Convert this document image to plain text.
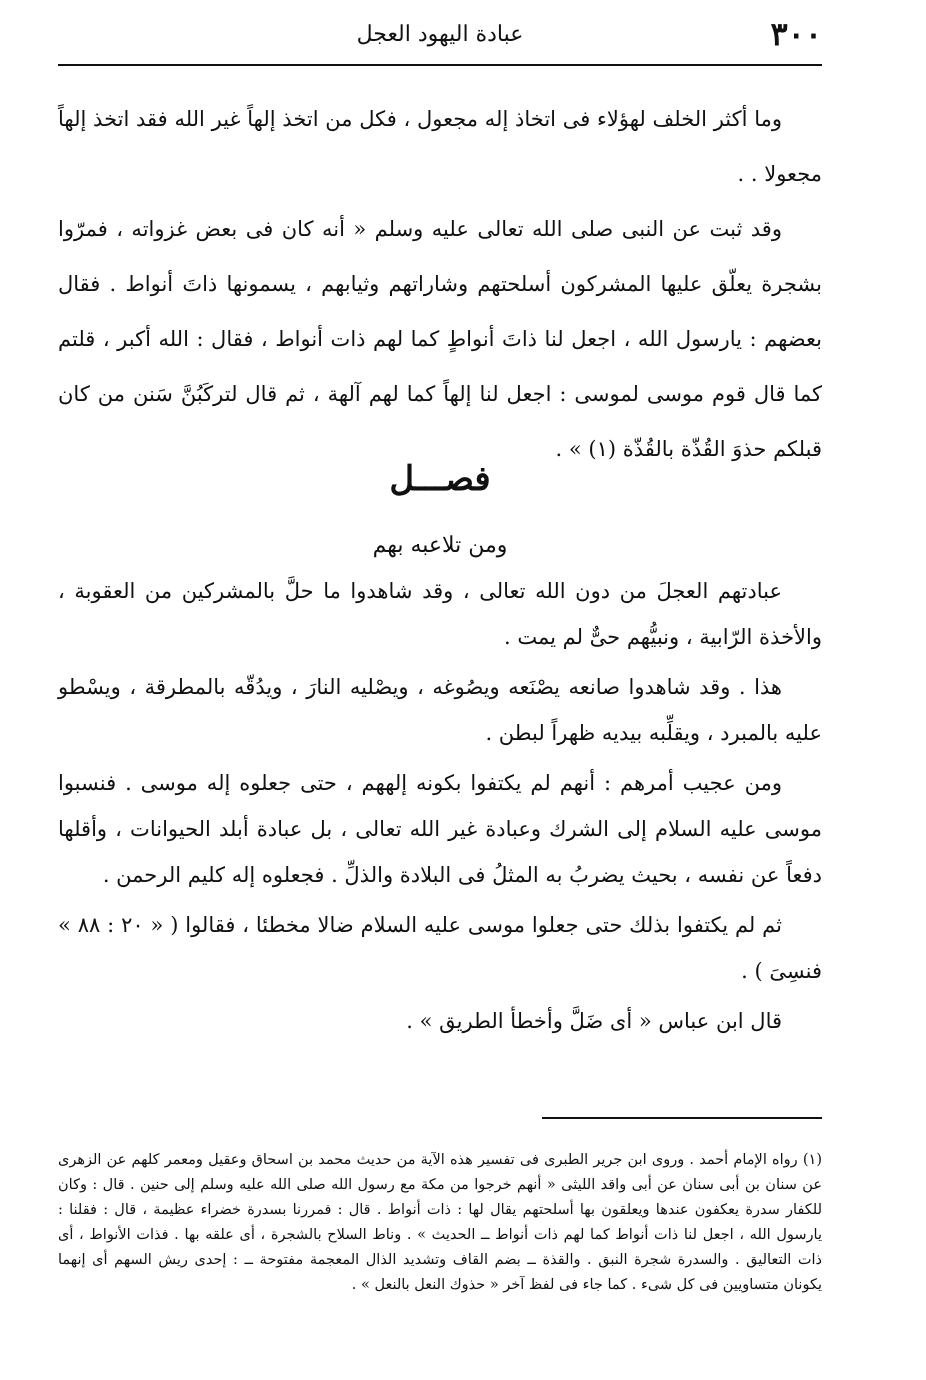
٣٠٠
عبادة اليهود العجل

وما أكثر الخلف لهؤلاء فى اتخاذ إله مجعول ، فكل من اتخذ إلهاً غير الله فقد اتخذ إلهاً مجعولا . .

وقد ثبت عن النبى صلى الله تعالى عليه وسلم « أنه كان فى بعض غزواته ، فمرّوا بشجرة يعلّق عليها المشركون أسلحتهم وشاراتهم وثيابهم ، يسمونها ذاتَ أنواط . فقال بعضهم : يارسول الله ، اجعل لنا ذاتَ أنواطٍ كما لهم ذات أنواط ، فقال : الله أكبر ، قلتم كما قال قوم موسى لموسى : اجعل لنا إلهاً كما لهم آلهة ، ثم قال لتركَبُنَّ سَنن من كان قبلكم حذوَ القُذّة بالقُذّة (١) » .

فصـــل
ومن تلاعبه بهم

عبادتهم العجلَ من دون الله تعالى ، وقد شاهدوا ما حلَّ بالمشركين من العقوبة ، والأخذة الرّابية ، ونبيُّهم حىٌّ لم يمت .

هذا . وقد شاهدوا صانعه يصْنَعه ويصُوغه ، ويصْليه النارَ ، ويدُقّه بالمطرقة ، ويسْطو عليه بالمبرد ، ويقلِّبه بيديه ظهراً لبطن .

ومن عجيب أمرهم : أنهم لم يكتفوا بكونه إلههم ، حتى جعلوه إله موسى . فنسبوا موسى عليه السلام إلى الشرك وعبادة غير الله تعالى ، بل عبادة أبلد الحيوانات ، وأقلها دفعاً عن نفسه ، بحيث يضربُ به المثلُ فى البلادة والذلِّ . فجعلوه إله كليم الرحمن .

ثم لم يكتفوا بذلك حتى جعلوا موسى عليه السلام ضالا مخطئا ، فقالوا ( « ٢٠ : ٨٨ » فنسِىَ ) .

قال ابن عباس « أى ضَلَّ وأخطأ الطريق » .

(١) رواه الإمام أحمد . وروى ابن جرير الطبرى فى تفسير هذه الآية من حديث محمد بن اسحاق وعقيل ومعمر كلهم عن الزهرى عن سنان بن أبى سنان عن أبى واقد الليثى « أنهم خرجوا من مكة مع رسول الله صلى الله عليه وسلم إلى حنين . قال : وكان للكفار سدرة يعكفون عندها ويعلقون بها أسلحتهم يقال لها : ذات أنواط . قال : فمررنا بسدرة خضراء عظيمة ، قال : فقلنا : يارسول الله ، اجعل لنا ذات أنواط كما لهم ذات أنواط ــ الحديث » . وناط السلاح بالشجرة ، أى علقه بها . فذات الأنواط ، أى ذات التعاليق . والسدرة شجرة النبق . والقذة ــ بضم القاف وتشديد الذال المعجمة مفتوحة ــ : إحدى ريش السهم أى إنهما يكونان متساويين فى كل شىء . كما جاء فى لفظ آخر « حذوك النعل بالنعل » .
